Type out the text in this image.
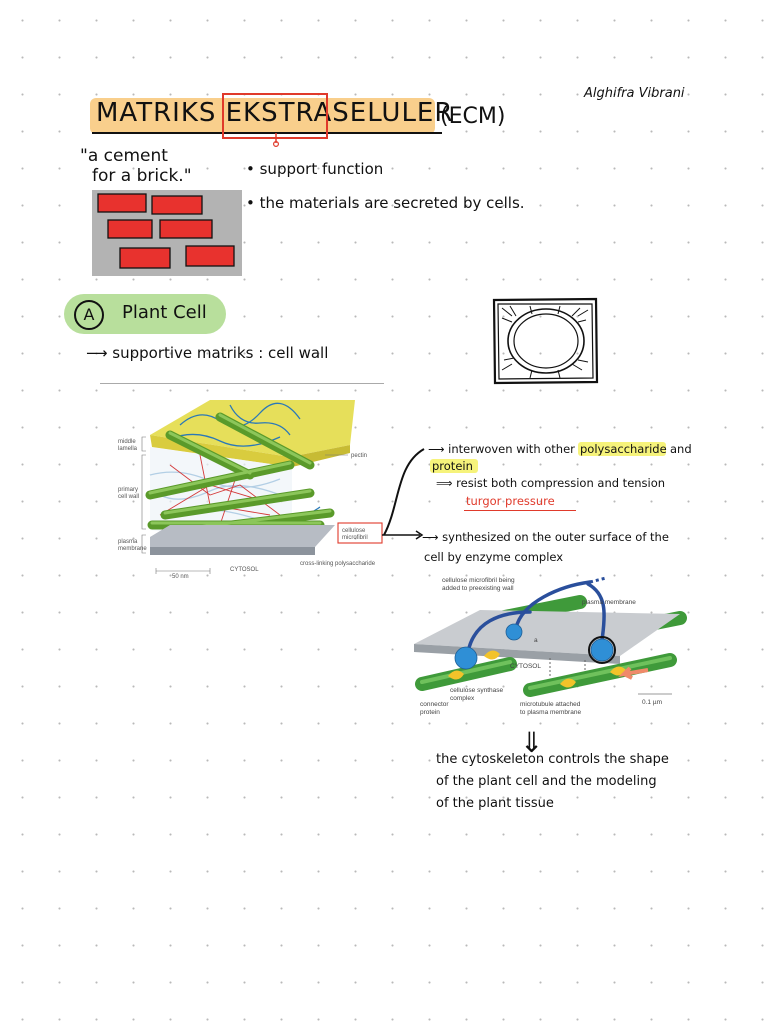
MATRIKS EKSTRASELULER
(ECM)
Alghifra Vibrani
"a cement
for a brick."	• support function
• the materials are secreted by cells.
A	Plant Cell
⟶ supportive matriks : cell wall
middle
lamella
primary
cell wall
plasma
membrane
pectin
cellulose
microfibril
50 nm
CYTOSOL
cross-linking polysaccharide
⟶ interwoven with other polysaccharide and
protein
⟹ resist both compression and tension
turgor pressure
⟶ synthesized on the outer surface of the
cell by enzyme complex
cellulose microfibril being
added to preexisting wall
plasma membrane
CYTOSOL
a
cellulose synthase
complex
connector
protein
microtubule attached
to plasma membrane
0.1 µm
⇓
the cytoskeleton controls the shape
of the plant cell and the modeling
of the plant tissue
